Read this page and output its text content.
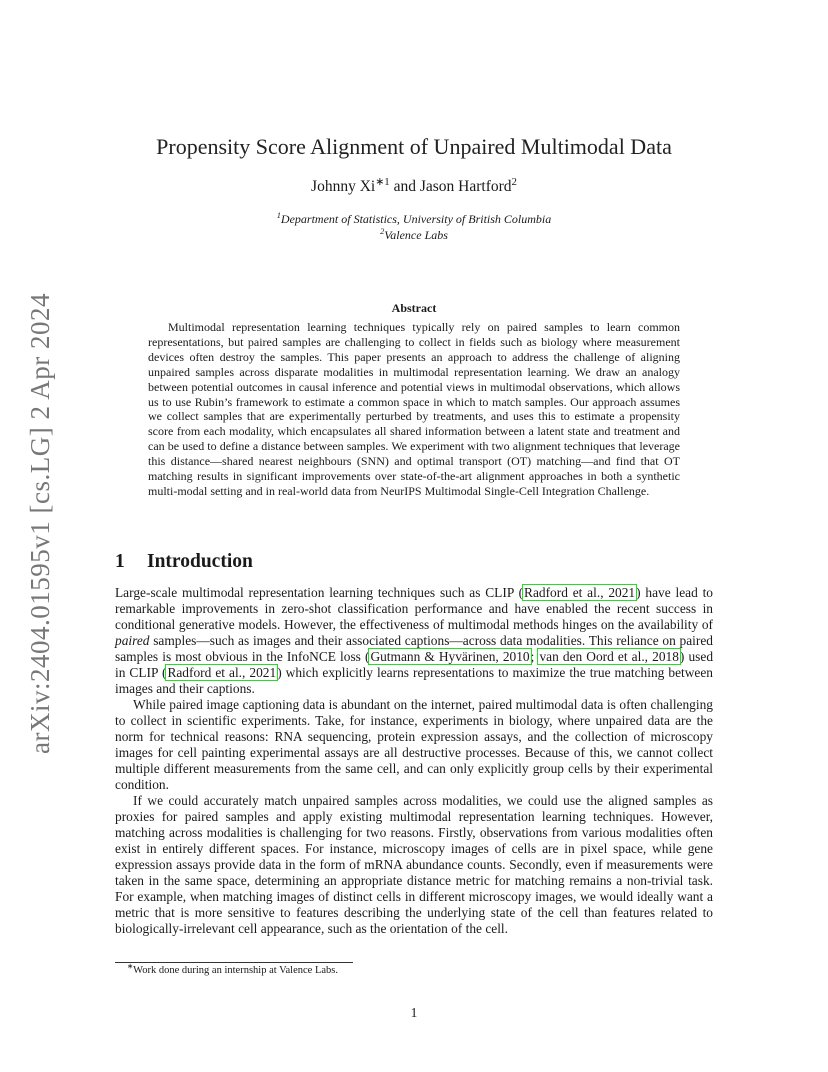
arXiv:2404.01595v1 [cs.LG] 2 Apr 2024
Propensity Score Alignment of Unpaired Multimodal Data
Johnny $Xi^{∗1}$ and Jason Hartford$^2$
$^1$Department of Statistics, University of British Columbia
$^2$Valence Labs
Abstract

Multimodal representation learning techniques typically rely on paired samples to learn common representations, but paired samples are challenging to collect in fields such as biology where measurement devices often destroy the samples. This paper presents an approach to address the challenge of aligning unpaired samples across disparate modalities in multimodal representation learning. We draw an analogy between potential outcomes in causal inference and potential views in multimodal observations, which allows us to use Rubin’s framework to estimate a common space in which to match samples. Our approach assumes we collect samples that are experimentally perturbed by treatments, and uses this to estimate a propensity score from each modality, which encapsulates all shared information between a latent state and treatment and can be used to define a distance between samples. We experiment with two alignment techniques that leverage this distance—shared nearest neighbours (SNN) and optimal transport (OT) matching—and find that OT matching results in significant improvements over state-of-the-art alignment approaches in both a synthetic multi-modal setting and in real-world data from NeurIPS Multimodal Single-Cell Integration Challenge.

1 Introduction

Large-scale multimodal representation learning techniques such as CLIP (Radford et al., 2021) have lead to remarkable improvements in zero-shot classification performance and have enabled the recent success in conditional generative models. However, the effectiveness of multimodal methods hinges on the availability of paired samples—such as images and their associated captions—across data modalities. This reliance on paired samples is most obvious in the InfoNCE loss (Gutmann & Hyvärinen, 2010; van den Oord et al., 2018) used in CLIP (Radford et al., 2021) which explicitly learns representations to maximize the true matching between images and their captions.

While paired image captioning data is abundant on the internet, paired multimodal data is often challenging to collect in scientific experiments. Take, for instance, experiments in biology, where unpaired data are the norm for technical reasons: RNA sequencing, protein expression assays, and the collection of microscopy images for cell painting experimental assays are all destructive processes. Because of this, we cannot collect multiple different measurements from the same cell, and can only explicitly group cells by their experimental condition.

If we could accurately match unpaired samples across modalities, we could use the aligned samples as proxies for paired samples and apply existing multimodal representation learning techniques. However, matching across modalities is challenging for two reasons. Firstly, observations from various modalities often exist in entirely different spaces. For instance, microscopy images of cells are in pixel space, while gene expression assays provide data in the form of mRNA abundance counts. Secondly, even if measurements were taken in the same space, determining an appropriate distance metric for matching remains a non-trivial task. For example, when matching images of distinct cells in different microscopy images, we would ideally want a metric that is more sensitive to features describing the underlying state of the cell than features related to biologically-irrelevant cell appearance, such as the orientation of the cell.

∗Work done during an internship at Valence Labs.
1
